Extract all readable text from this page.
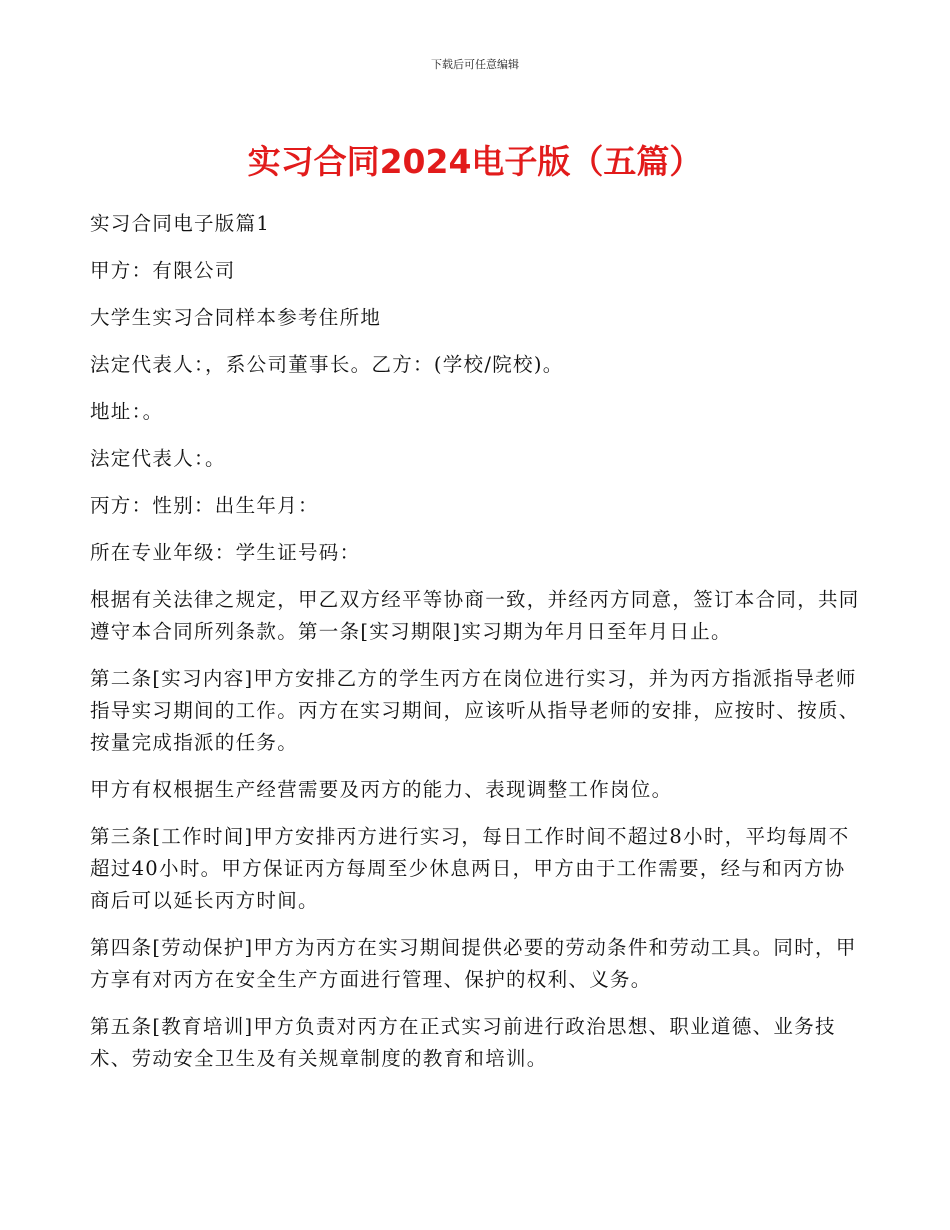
下载后可任意编辑
实习合同2024电子版（五篇）

实习合同电子版篇1

甲方：有限公司

大学生实习合同样本参考住所地

法定代表人：，系公司董事长。乙方：(学校/院校)。

地址：。

法定代表人：。

丙方：性别：出生年月：

所在专业年级：学生证号码：

根据有关法律之规定，甲乙双方经平等协商一致，并经丙方同意，签订本合同，共同遵守本合同所列条款。第一条[实习期限]实习期为年月日至年月日止。

第二条[实习内容]甲方安排乙方的学生丙方在岗位进行实习，并为丙方指派指导老师指导实习期间的工作。丙方在实习期间，应该听从指导老师的安排，应按时、按质、按量完成指派的任务。

甲方有权根据生产经营需要及丙方的能力、表现调整工作岗位。

第三条[工作时间]甲方安排丙方进行实习，每日工作时间不超过8小时，平均每周不超过40小时。甲方保证丙方每周至少休息两日，甲方由于工作需要，经与和丙方协商后可以延长丙方时间。

第四条[劳动保护]甲方为丙方在实习期间提供必要的劳动条件和劳动工具。同时，甲方享有对丙方在安全生产方面进行管理、保护的权利、义务。

第五条[教育培训]甲方负责对丙方在正式实习前进行政治思想、职业道德、业务技术、劳动安全卫生及有关规章制度的教育和培训。
